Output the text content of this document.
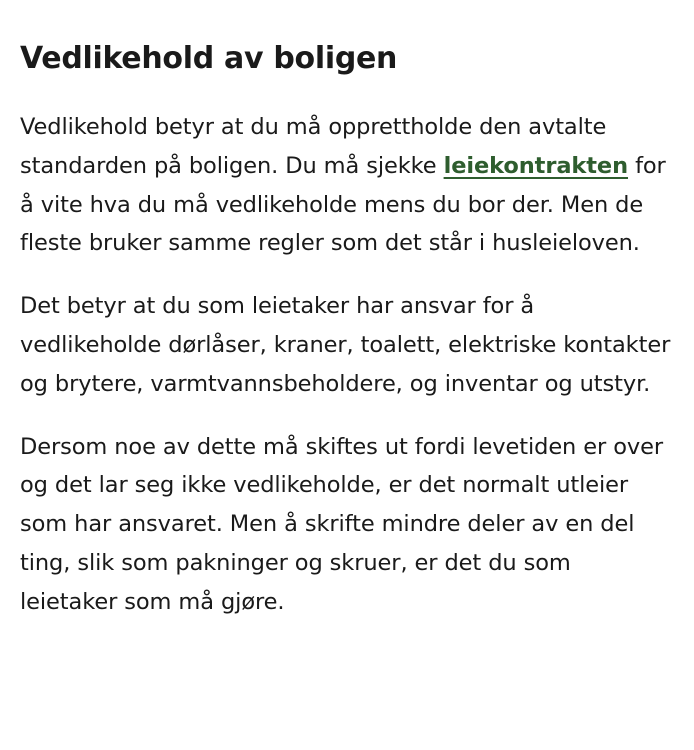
Vedlikehold av boligen

Vedlikehold betyr at du må opprettholde den avtalte standarden på boligen. Du må sjekke leiekontrakten for å vite hva du må vedlikeholde mens du bor der. Men de fleste bruker samme regler som det står i husleieloven.

Det betyr at du som leietaker har ansvar for å vedlikeholde dørlåser, kraner, toalett, elektriske kontakter og brytere, varmtvannsbeholdere, og inventar og utstyr.

Dersom noe av dette må skiftes ut fordi levetiden er over og det lar seg ikke vedlikeholde, er det normalt utleier som har ansvaret. Men å skrifte mindre deler av en del ting, slik som pakninger og skruer, er det du som leietaker som må gjøre.
